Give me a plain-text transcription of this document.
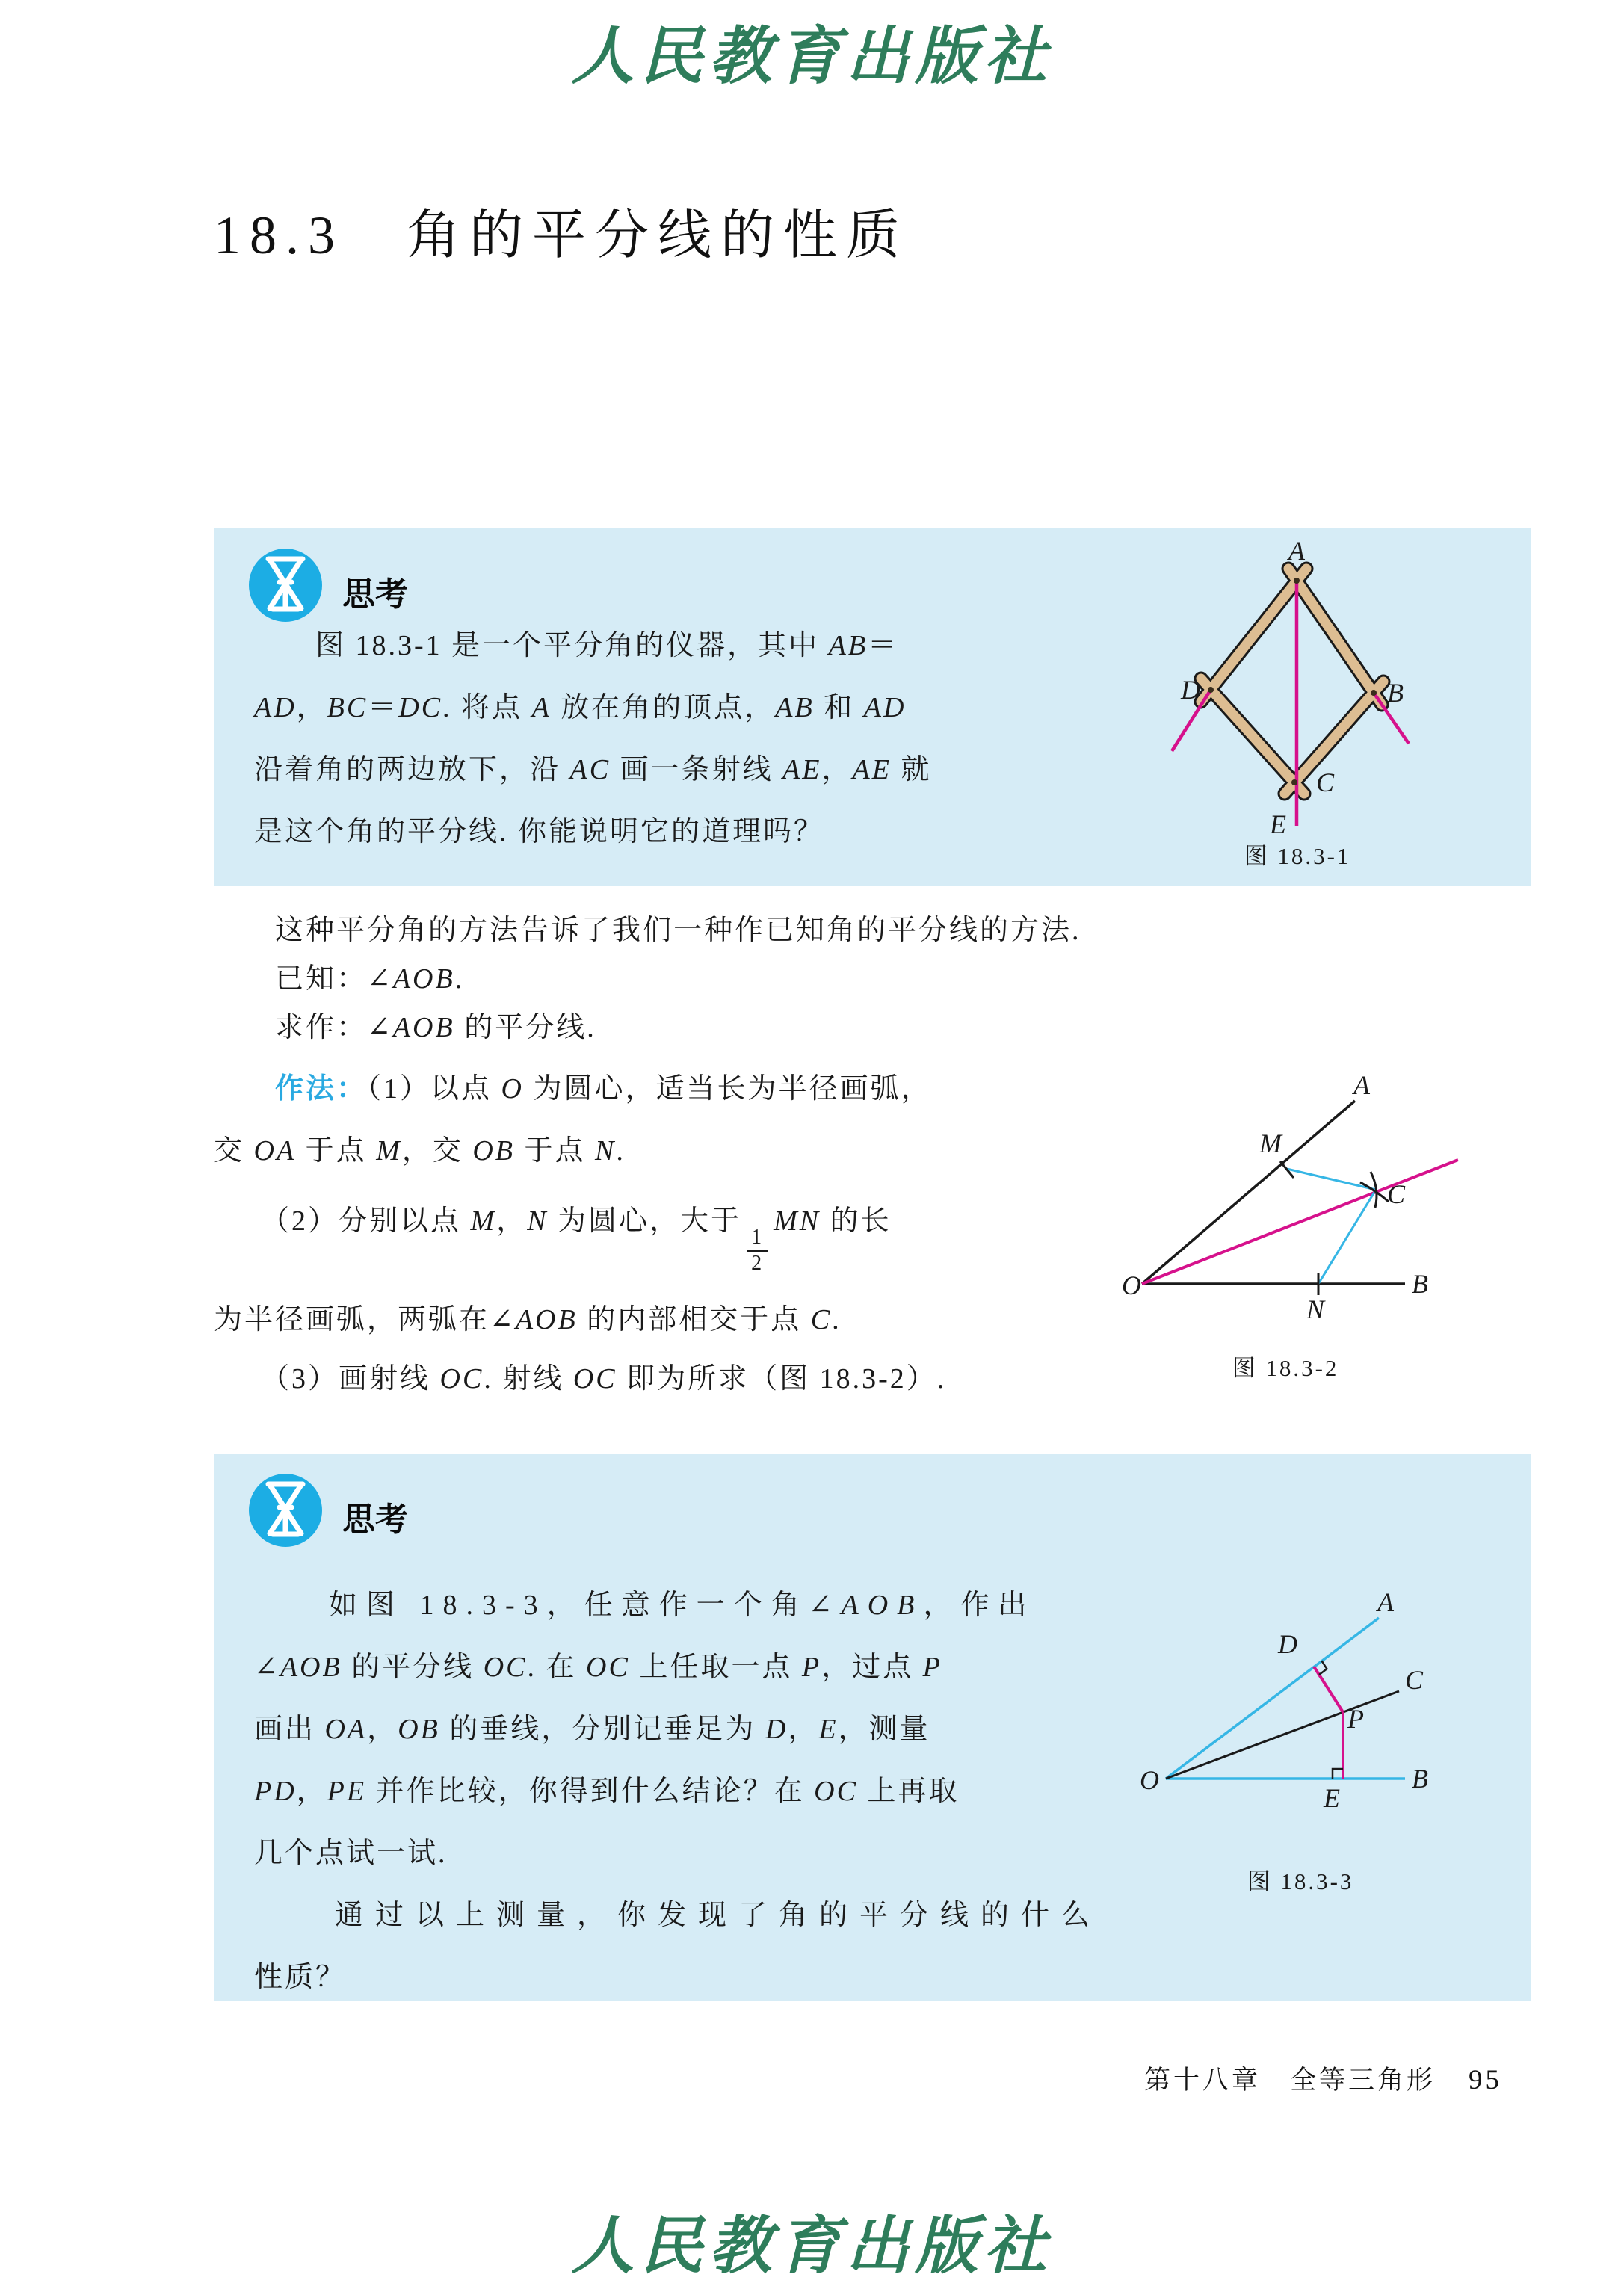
人民教育出版社
18.3　角的平分线的性质
思考
　　图 18.3-1 是一个平分角的仪器，其中 AB＝
AD，BC＝DC. 将点 A 放在角的顶点，AB 和 AD
沿着角的两边放下，沿 AC 画一条射线 AE，AE 就
是这个角的平分线. 你能说明它的道理吗？
A
D	B
C
E
图 18.3-1
　　这种平分角的方法告诉了我们一种作已知角的平分线的方法.
　　已知：∠AOB.
　　求作：∠AOB 的平分线.
　　作法：（1）以点 O 为圆心，适当长为半径画弧，
交 OA 于点 M，交 OB 于点 N.
　　（2）分别以点 M，N 为圆心，大于
$\frac{1}{2}$
MN 的长
为半径画弧，两弧在∠AOB 的内部相交于点 C.
　　（3）画射线 OC. 射线 OC 即为所求（图 18.3-2）.
O
A
M
C
B
N
图 18.3-2
思考
　　如图 18.3-3，任意作一个角∠AOB，作出
∠AOB 的平分线 OC. 在 OC 上任取一点 P，过点 P
画出 OA，OB 的垂线，分别记垂足为 D，E，测量
PD，PE 并作比较，你得到什么结论？在 OC 上再取
几个点试一试.
　　通过以上测量，你发现了角的平分线的什么
性质？
O
A
D
C
P
B
E
图 18.3-3
第十八章　全等三角形 95
人民教育出版社
